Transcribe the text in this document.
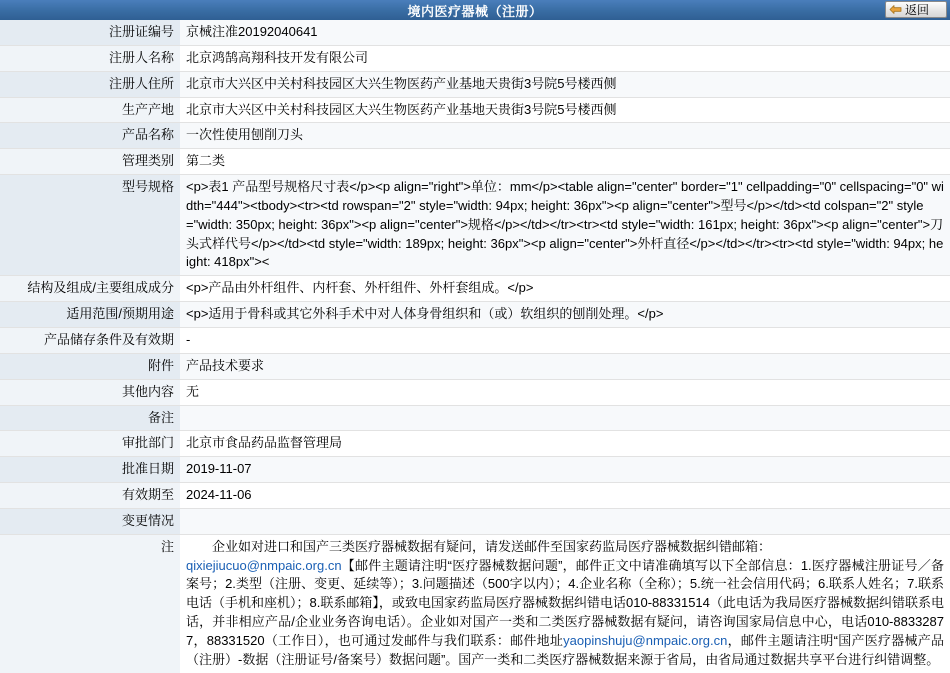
境内医疗器械（注册）	返回
注册证编号	京械注准20192040641
注册人名称	北京鸿鹄高翔科技开发有限公司
注册人住所	北京市大兴区中关村科技园区大兴生物医药产业基地天贵街3号院5号楼西侧
生产产地	北京市大兴区中关村科技园区大兴生物医药产业基地天贵街3号院5号楼西侧
产品名称	一次性使用刨削刀头
管理类别	第二类
型号规格	<p>表1 产品型号规格尺寸表</p><p align="right">单位：mm</p><table align="center" border="1" cellpadding="0" cellspacing="0" width="444"><tbody><tr><td rowspan="2" style="width: 94px; height: 36px"><p align="center">型号</p></td><td colspan="2" style="width: 350px; height: 36px"><p align="center">规格</p></td></tr><tr><td style="width: 161px; height: 36px"><p align="center">刀头式样代号</p></td><td style="width: 189px; height: 36px"><p align="center">外杆直径</p></td></tr><tr><td style="width: 94px; height: 418px"><
结构及组成/主要组成成分	<p>产品由外杆组件、内杆套、外杆组件、外杆套组成。</p>
适用范围/预期用途	<p>适用于骨科或其它外科手术中对人体身骨组织和（或）软组织的刨削处理。</p>
产品储存条件及有效期	-
附件	产品技术要求
其他内容	无
备注	
审批部门	北京市食品药品监督管理局
批准日期	2019-11-07
有效期至	2024-11-06
变更情况	
注	企业如对进口和国产三类医疗器械数据有疑问，请发送邮件至国家药监局医疗器械数据纠错邮箱：
qixiejiucuo@nmpaic.org.cn【邮件主题请注明“医疗器械数据问题”，邮件正文中请准确填写以下全部信息：1.医疗器械注册证号／备案号；2.类型（注册、变更、延续等）；3.问题描述（500字以内）；4.企业名称（全称）；5.统一社会信用代码；6.联系人姓名；7.联系电话（手机和座机）；8.联系邮箱】，或致电国家药监局医疗器械数据纠错电话010-88331514（此电话为我局医疗器械数据纠错联系电话，并非相应产品/企业业务咨询电话）。企业如对国产一类和二类医疗器械数据有疑问，请咨询国家局信息中心，电话010-88332877，88331520（工作日），也可通过发邮件与我们联系：邮件地址yaopinshuju@nmpaic.org.cn，邮件主题请注明“国产医疗器械产品（注册）-数据（注册证号/备案号）数据问题”。国产一类和二类医疗器械数据来源于省局，由省局通过数据共享平台进行纠错调整。
